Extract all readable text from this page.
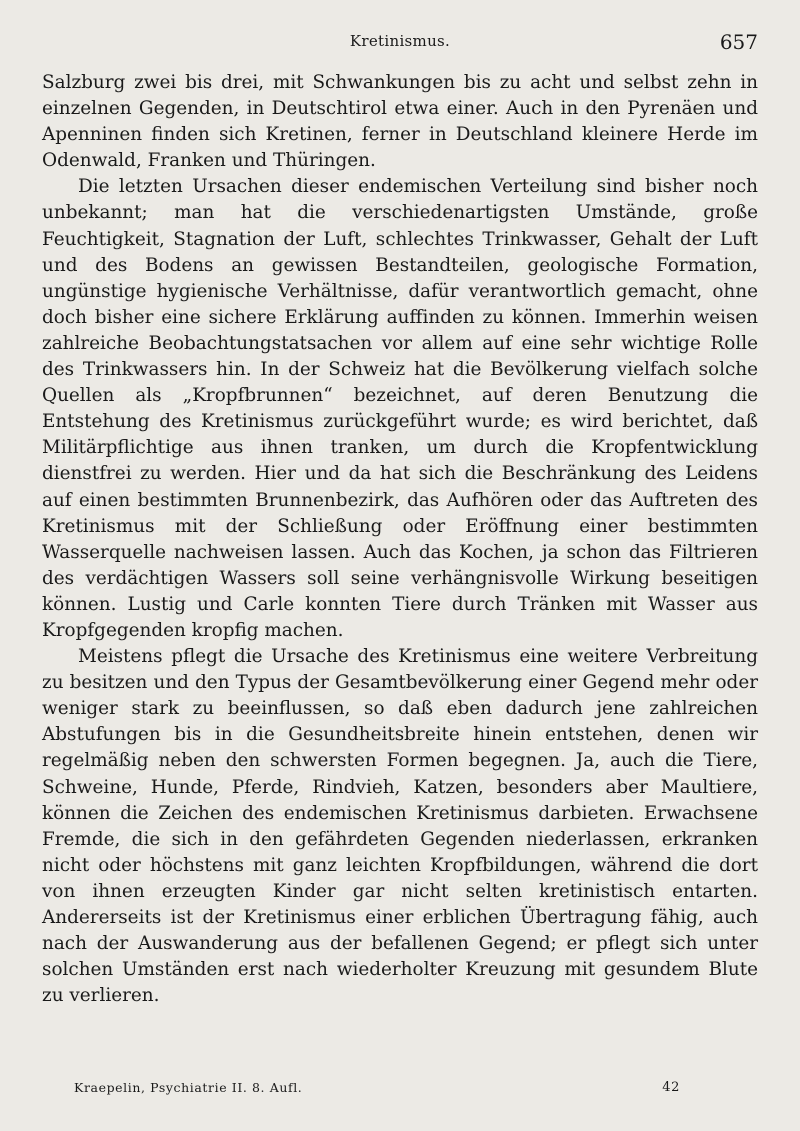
Kretinismus.	657

Salzburg zwei bis drei, mit Schwankungen bis zu acht und selbst zehn in einzelnen Gegenden, in Deutschtirol etwa einer. Auch in den Pyrenäen und Apenninen finden sich Kretinen, ferner in Deutschland kleinere Herde im Odenwald, Franken und Thüringen.

Die letzten Ursachen dieser endemischen Verteilung sind bisher noch unbekannt; man hat die verschiedenartigsten Umstände, große Feuchtigkeit, Stagnation der Luft, schlechtes Trinkwasser, Gehalt der Luft und des Bodens an gewissen Bestandteilen, geologische Formation, ungünstige hygienische Verhältnisse, dafür verantwortlich gemacht, ohne doch bisher eine sichere Erklärung auffinden zu können. Immerhin weisen zahlreiche Beobachtungstatsachen vor allem auf eine sehr wichtige Rolle des Trinkwassers hin. In der Schweiz hat die Bevölkerung vielfach solche Quellen als „Kropfbrunnen“ bezeichnet, auf deren Benutzung die Entstehung des Kretinismus zurückgeführt wurde; es wird berichtet, daß Militärpflichtige aus ihnen tranken, um durch die Kropfentwicklung dienstfrei zu werden. Hier und da hat sich die Beschränkung des Leidens auf einen bestimmten Brunnenbezirk, das Aufhören oder das Auftreten des Kretinismus mit der Schließung oder Eröffnung einer bestimmten Wasserquelle nachweisen lassen. Auch das Kochen, ja schon das Filtrieren des verdächtigen Wassers soll seine verhängnisvolle Wirkung beseitigen können. Lustig und Carle konnten Tiere durch Tränken mit Wasser aus Kropfgegenden kropfig machen.

Meistens pflegt die Ursache des Kretinismus eine weitere Verbreitung zu besitzen und den Typus der Gesamtbevölkerung einer Gegend mehr oder weniger stark zu beeinflussen, so daß eben dadurch jene zahlreichen Abstufungen bis in die Gesundheitsbreite hinein entstehen, denen wir regelmäßig neben den schwersten Formen begegnen. Ja, auch die Tiere, Schweine, Hunde, Pferde, Rindvieh, Katzen, besonders aber Maultiere, können die Zeichen des endemischen Kretinismus darbieten. Erwachsene Fremde, die sich in den gefährdeten Gegenden niederlassen, erkranken nicht oder höchstens mit ganz leichten Kropfbildungen, während die dort von ihnen erzeugten Kinder gar nicht selten kretinistisch entarten. Andererseits ist der Kretinismus einer erblichen Übertragung fähig, auch nach der Auswanderung aus der befallenen Gegend; er pflegt sich unter solchen Umständen erst nach wiederholter Kreuzung mit gesundem Blute zu verlieren.

Kraepelin, Psychiatrie II. 8. Aufl.	42
